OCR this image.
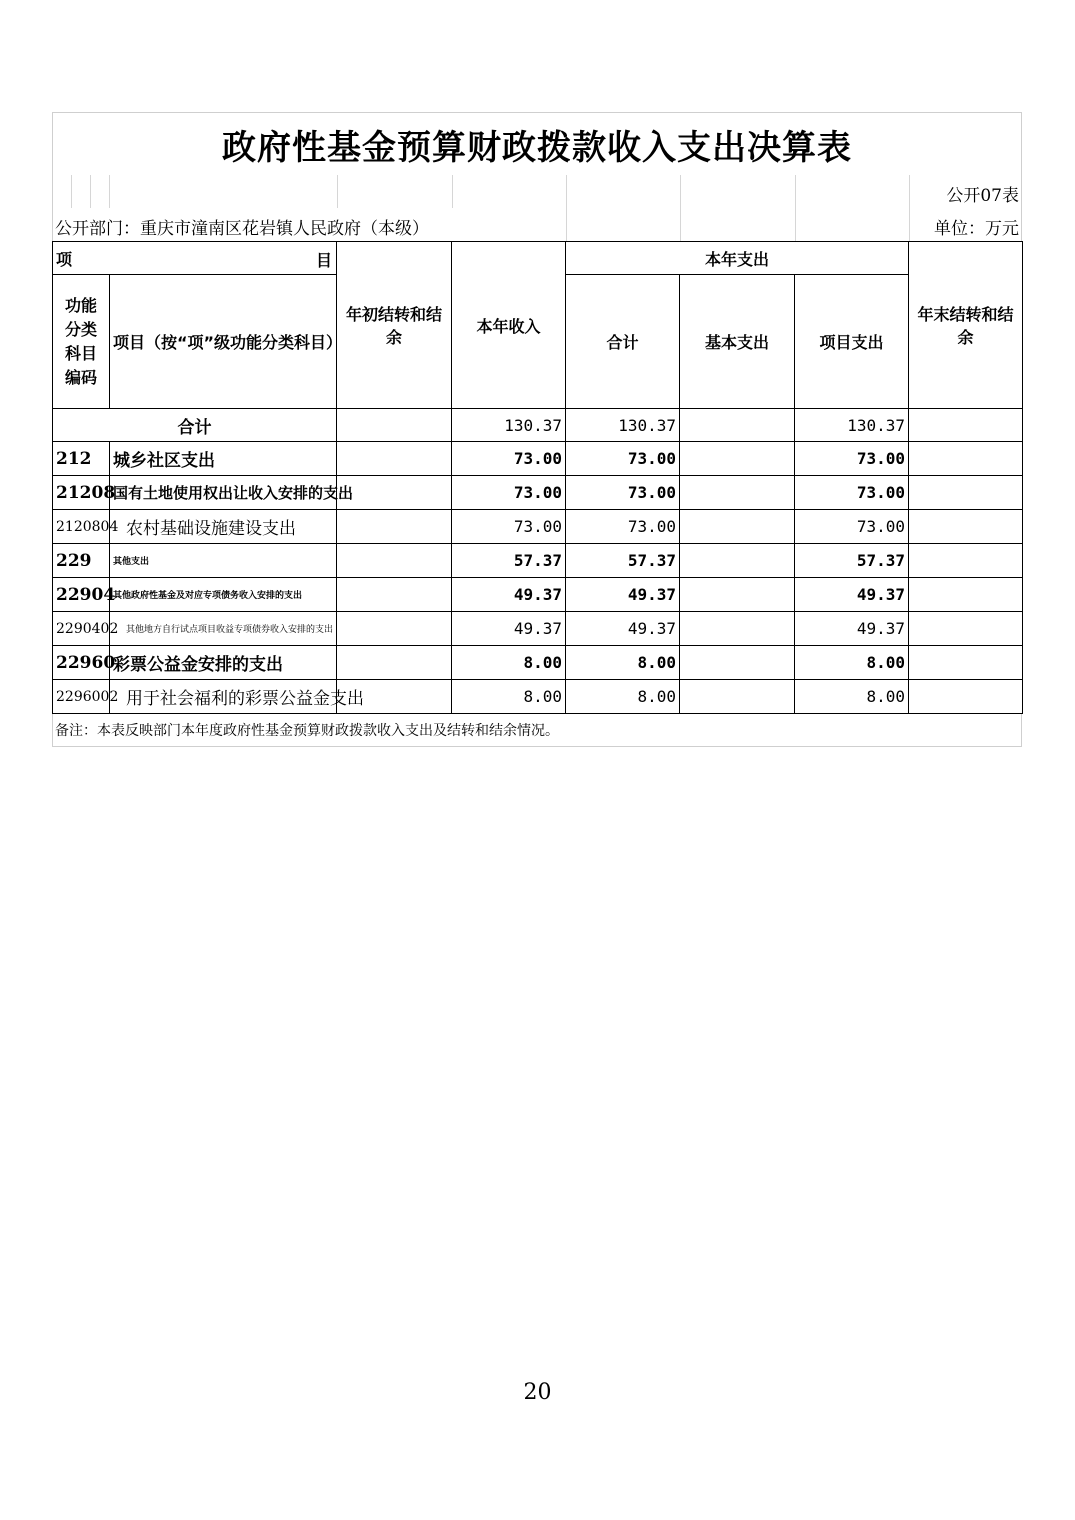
政府性基金预算财政拨款收入支出决算表
公开07表
公开部门：重庆市潼南区花岩镇人民政府（本级）	单位：万元
项 目		年初结转和结余	本年收入	本年支出			年末结转和结余
功能分类科目编码	项目（按“项”级功能分类科目）			合计	基本支出	项目支出	
合计			130.37	130.37		130.37	
212	城乡社区支出		73.00	73.00		73.00	
21208	国有土地使用权出让收入安排的支出		73.00	73.00		73.00	
2120804	农村基础设施建设支出		73.00	73.00		73.00	
229	其他支出		57.37	57.37		57.37	
22904	其他政府性基金及对应专项债务收入安排的支出		49.37	49.37		49.37	
2290402	其他地方自行试点项目收益专项债券收入安排的支出		49.37	49.37		49.37	
22960	彩票公益金安排的支出		8.00	8.00		8.00	
2296002	用于社会福利的彩票公益金支出		8.00	8.00		8.00	
备注：本表反映部门本年度政府性基金预算财政拨款收入支出及结转和结余情况。
20
